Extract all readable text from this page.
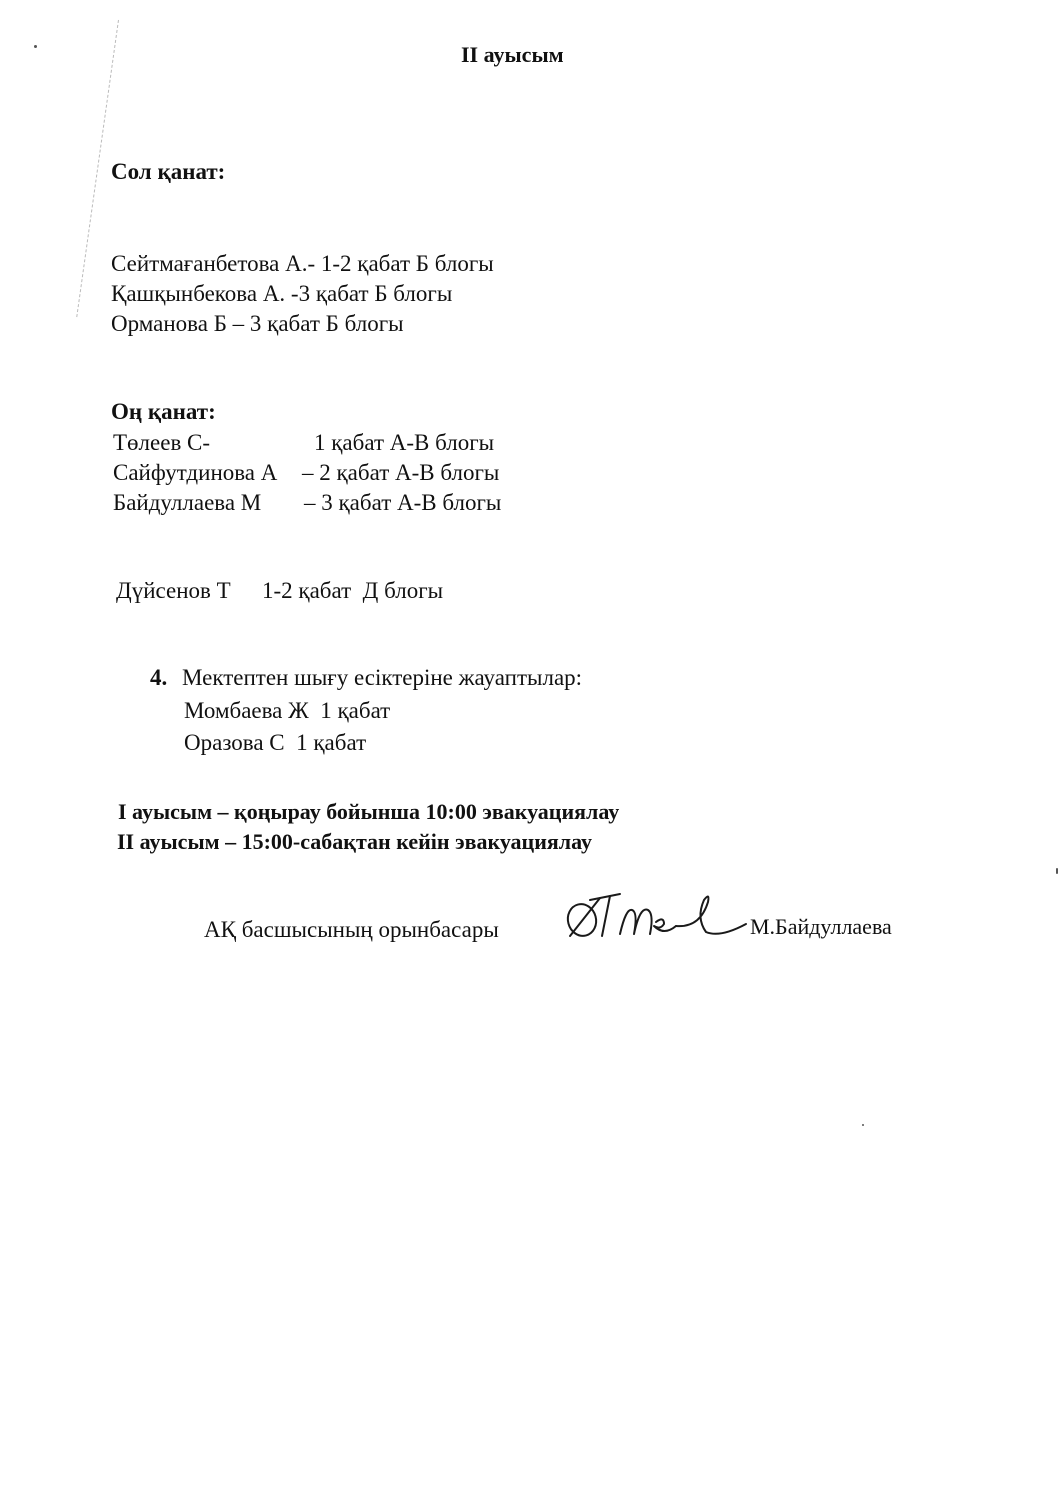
II ауысым
Сол қанат:
Сейтмағанбетова А.- 1-2 қабат Б блогы
Қашқынбекова А. -3 қабат Б блогы
Орманова Б – 3 қабат Б блогы
Оң қанат:
Төлеев С-	1 қабат А-В блогы
Сайфутдинова А – 2 қабат А-В блогы
Байдуллаева М – 3 қабат А-В блогы
Дүйсенов Т 1-2 қабат  Д блогы
4. Мектептен шығу есіктеріне жауаптылар:
Момбаева Ж  1 қабат
Оразова С  1 қабат
I ауысым – қоңырау бойынша 10:00 эвакуациялау
II ауысым – 15:00-сабақтан кейін эвакуациялау
АҚ басшысының орынбасары	М.Байдуллаева
